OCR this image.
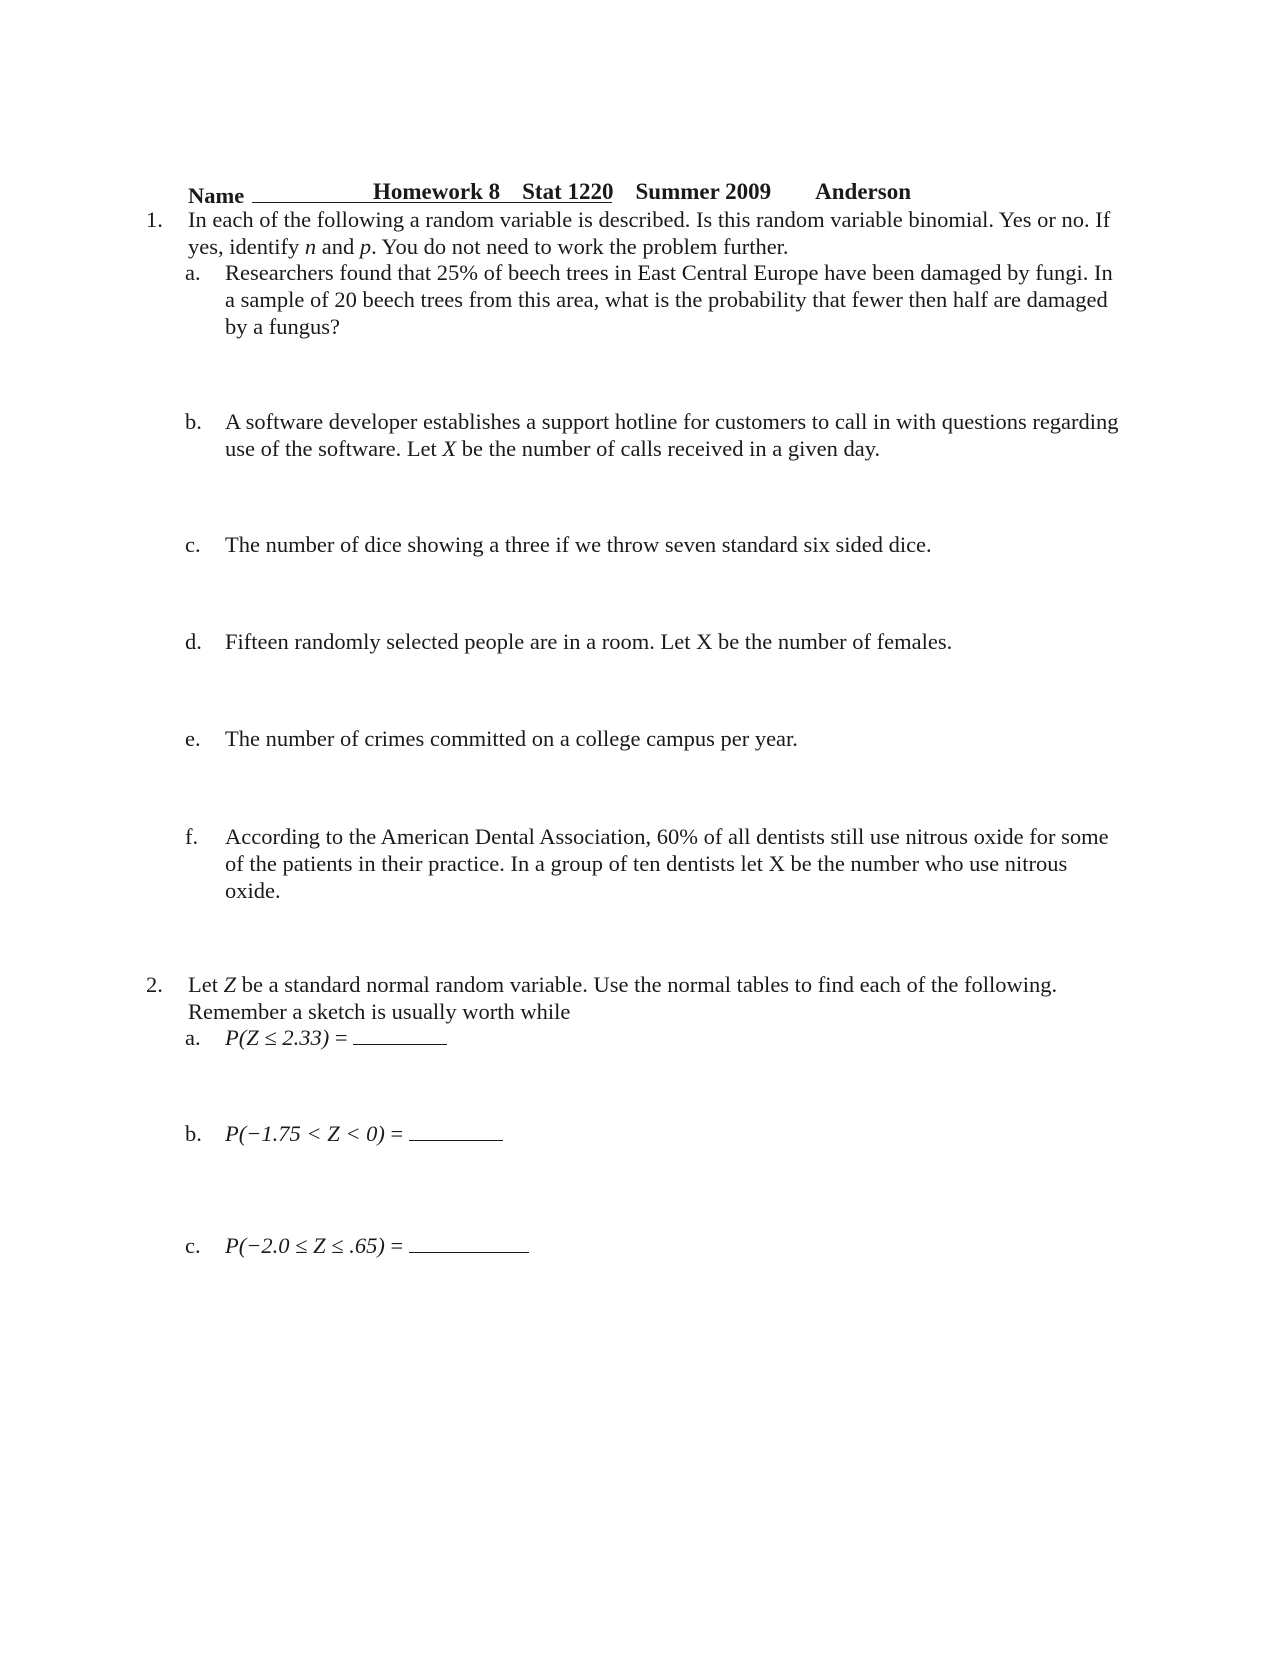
Homework 8 Stat 1220 Summer 2009 Anderson

Name
1. In each of the following a random variable is described. Is this random variable binomial. Yes or no. If yes, identify n and p. You do not need to work the problem further.
a.	Researchers found that 25% of beech trees in East Central Europe have been damaged by fungi. In a sample of 20 beech trees from this area, what is the probability that fewer then half are damaged by a fungus?
b.	A software developer establishes a support hotline for customers to call in with questions regarding use of the software. Let X be the number of calls received in a given day.
c.	The number of dice showing a three if we throw seven standard six sided dice.
d.	Fifteen randomly selected people are in a room. Let X be the number of females.
e.	The number of crimes committed on a college campus per year.
f.	According to the American Dental Association, 60% of all dentists still use nitrous oxide for some of the patients in their practice. In a group of ten dentists let X be the number who use nitrous oxide.
2. Let Z be a standard normal random variable. Use the normal tables to find each of the following. Remember a sketch is usually worth while
a.	P(Z ≤ 2.33) =
b.	P(−1.75 < Z < 0) =
c.	P(−2.0 ≤ Z ≤ .65) =
